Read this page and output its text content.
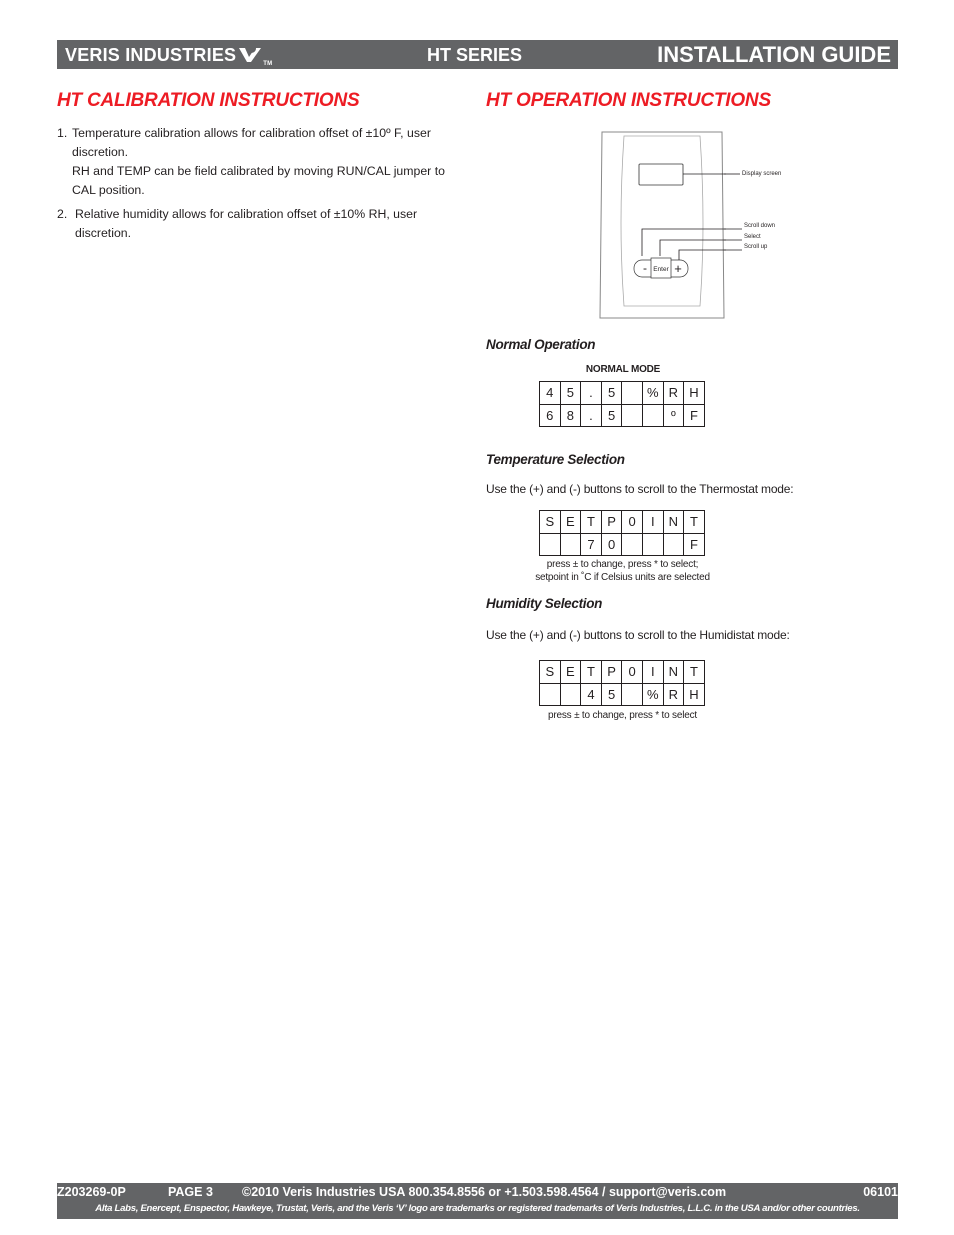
VERIS INDUSTRIES	$_{TM}$	HT SERIES	INSTALLATION GUIDE
HT CALIBRATION INSTRUCTIONS	HT OPERATION INSTRUCTIONS
1. Temperature calibration allows for calibration offset of ±10º F, user discretion.
RH and TEMP can be field calibrated by moving RUN/CAL jumper to CAL position.
2. Relative humidity allows for calibration offset of ±10% RH, user discretion.
- Enter +
Display screen
Scroll down
Select
Scroll up
Normal Operation
NORMAL MODE
4	5	.	5		%	R	H
6	8	.	5			º	F
Temperature Selection
Use the (+) and (-) buttons to scroll to the Thermostat mode:
S	E	T	P	0	I	N	T
		7	0				F
press ± to change, press * to select;
setpoint in ˚C if Celsius units are selected
Humidity Selection
Use the (+) and (-) buttons to scroll to the Humidistat mode:
S	E	T	P	0	I	N	T
		4	5		%	R	H
press ± to change, press * to select
Z203269-0P	PAGE 3 ©2010 Veris Industries USA 800.354.8556 or +1.503.598.4564 / support@veris.com	06101
Alta Labs, Enercept, Enspector, Hawkeye, Trustat, Veris, and the Veris ‘V’ logo are trademarks or registered trademarks of Veris Industries, L.L.C. in the USA and/or other countries.
